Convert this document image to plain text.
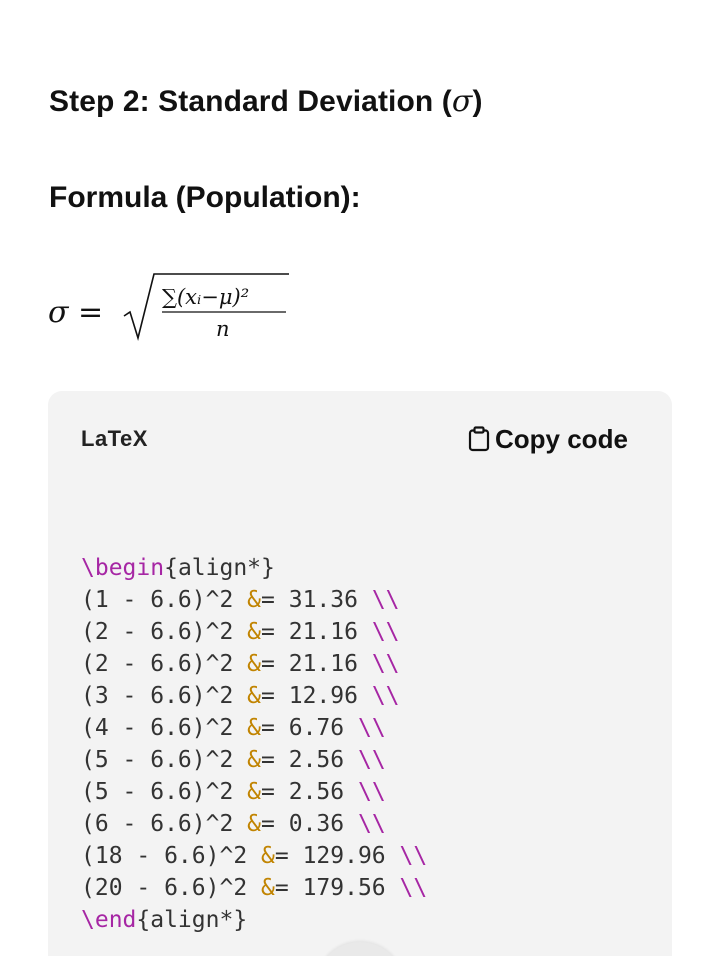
Step 2: Standard Deviation (σ)
Formula (Population):
σ =	∑(xᵢ−μ)²
n
LaTeX	Copy code
\begin{align*}
(1 - 6.6)^2 &= 31.36 \\
(2 - 6.6)^2 &= 21.16 \\
(2 - 6.6)^2 &= 21.16 \\
(3 - 6.6)^2 &= 12.96 \\
(4 - 6.6)^2 &= 6.76 \\
(5 - 6.6)^2 &= 2.56 \\
(5 - 6.6)^2 &= 2.56 \\
(6 - 6.6)^2 &= 0.36 \\
(18 - 6.6)^2 &= 129.96 \\
(20 - 6.6)^2 &= 179.56 \\
\end{align*}
